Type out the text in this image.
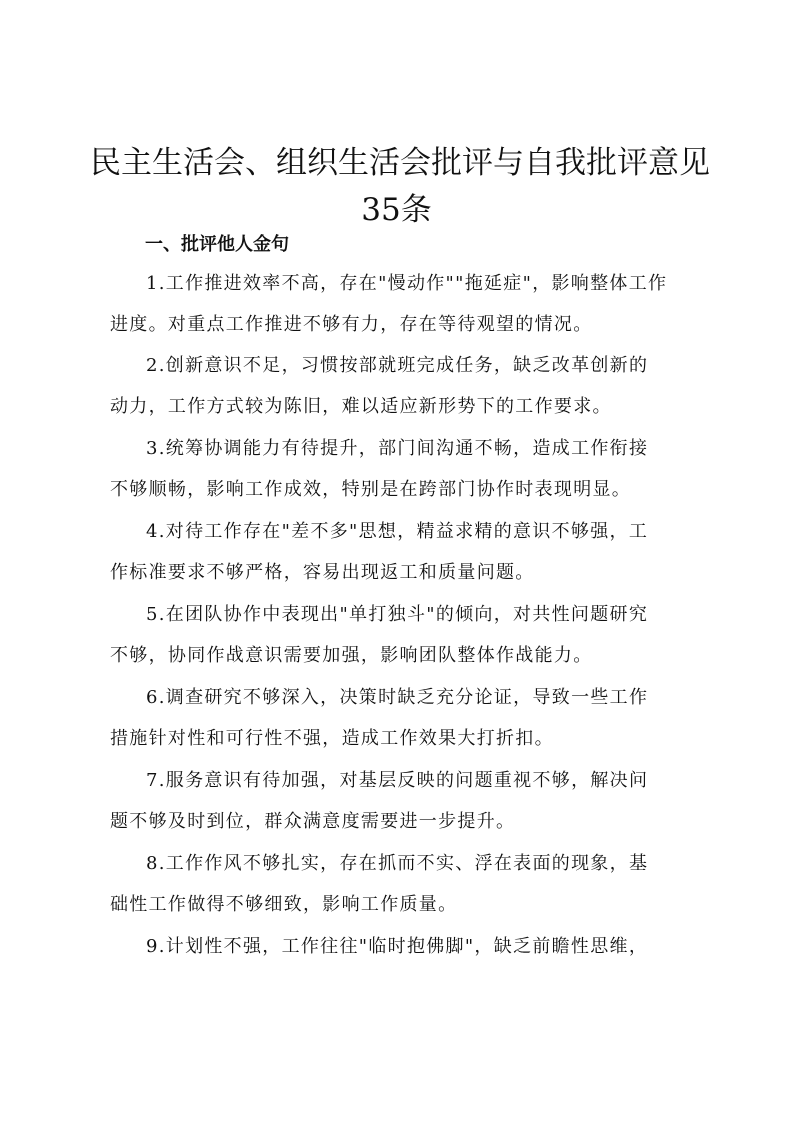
民主生活会、组织生活会批评与自我批评意见
35条
一、批评他人金句

1.工作推进效率不高，存在"慢动作""拖延症"，影响整体工作
进度。对重点工作推进不够有力，存在等待观望的情况。

2.创新意识不足，习惯按部就班完成任务，缺乏改革创新的
动力，工作方式较为陈旧，难以适应新形势下的工作要求。

3.统筹协调能力有待提升，部门间沟通不畅，造成工作衔接
不够顺畅，影响工作成效，特别是在跨部门协作时表现明显。

4.对待工作存在"差不多"思想，精益求精的意识不够强，工
作标准要求不够严格，容易出现返工和质量问题。

5.在团队协作中表现出"单打独斗"的倾向，对共性问题研究
不够，协同作战意识需要加强，影响团队整体作战能力。

6.调查研究不够深入，决策时缺乏充分论证，导致一些工作
措施针对性和可行性不强，造成工作效果大打折扣。

7.服务意识有待加强，对基层反映的问题重视不够，解决问
题不够及时到位，群众满意度需要进一步提升。

8.工作作风不够扎实，存在抓而不实、浮在表面的现象，基
础性工作做得不够细致，影响工作质量。

9.计划性不强，工作往往"临时抱佛脚"，缺乏前瞻性思维，
